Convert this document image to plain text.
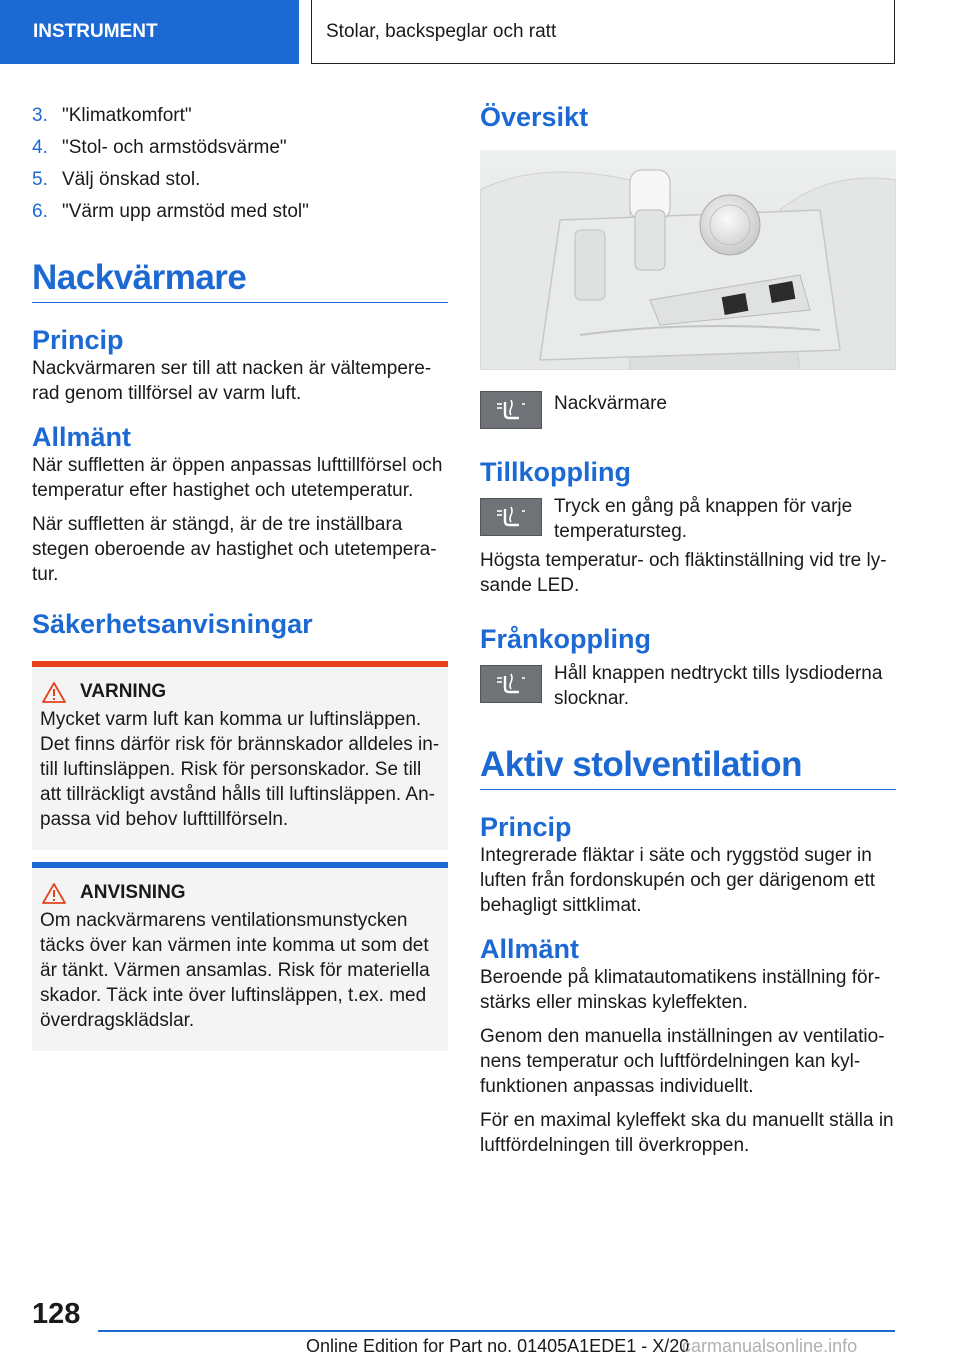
INSTRUMENT	Stolar, backspeglar och ratt
3. "Klimatkomfort"
4. "Stol- och armstödsvärme"
5. Välj önskad stol.
6. "Värm upp armstöd med stol"
Nackvärmare
Princip

Nackvärmaren ser till att nacken är vältempere-rad genom tillförsel av varm luft.

Allmänt

När suffletten är öppen anpassas lufttillförsel och temperatur efter hastighet och utetemperatur.

När suffletten är stängd, är de tre inställbara stegen oberoende av hastighet och utetempera-tur.

Säkerhetsanvisningar
VARNING

Mycket varm luft kan komma ur luftinsläppen. Det finns därför risk för brännskador alldeles in-till luftinsläppen. Risk för personskador. Se till att tillräckligt avstånd hålls till luftinsläppen. An-passa vid behov lufttillförseln.

ANVISNING

Om nackvärmarens ventilationsmunstycken täcks över kan värmen inte komma ut som det är tänkt. Värmen ansamlas. Risk för materiella skador. Täck inte över luftinsläppen, t.ex. med överdragsklädslar.

Översikt
Nackvärmare
Tillkoppling
Tryck en gång på knappen för varje temperatursteg.

Högsta temperatur- och fläktinställning vid tre ly-sande LED.

Frånkoppling
Håll knappen nedtryckt tills lysdioderna slocknar.
Aktiv stolventilation
Princip

Integrerade fläktar i säte och ryggstöd suger in luften från fordonskupén och ger därigenom ett behagligt sittklimat.

Allmänt

Beroende på klimatautomatikens inställning för-stärks eller minskas kyleffekten.

Genom den manuella inställningen av ventilatio-nens temperatur och luftfördelningen kan kyl-funktionen anpassas individuellt.

För en maximal kyleffekt ska du manuellt ställa in luftfördelningen till överkroppen.

128
Online Edition for Part no. 01405A1EDE1 - X/20
carmanualsonline.info
